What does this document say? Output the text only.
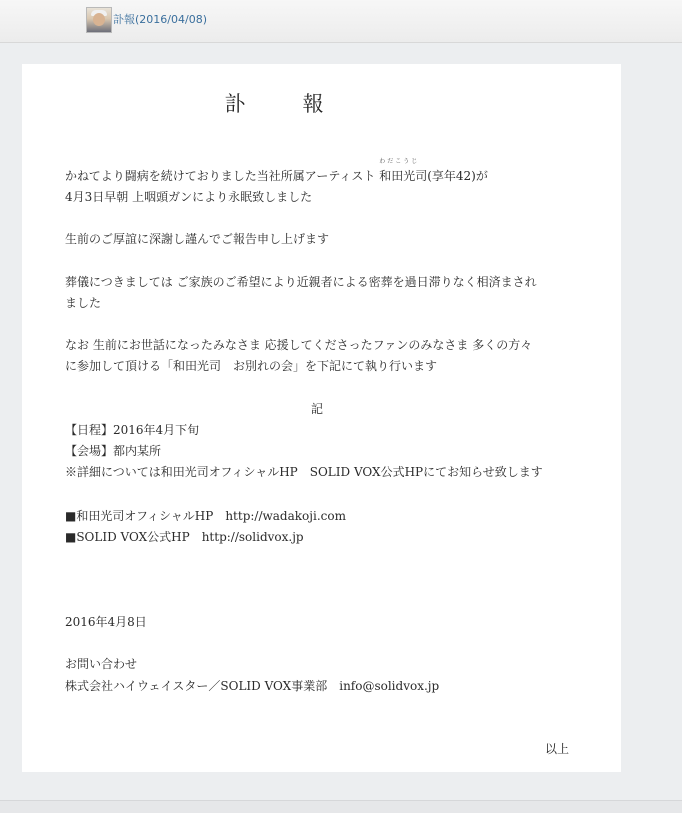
訃報(2016/04/08)
訃　報
かねてより闘病を続けておりました当社所属アーティスト
わだこうじ
和田光司(享年42)が
4月3日早朝 上咽頭ガンにより永眠致しました
生前のご厚誼に深謝し謹んでご報告申し上げます
葬儀につきましては ご家族のご希望により近親者による密葬を過日滞りなく相済まされ
ました
なお 生前にお世話になったみなさま 応援してくださったファンのみなさま 多くの方々
に参加して頂ける「和田光司　お別れの会」を下記にて執り行います
記
【日程】2016年4月下旬
【会場】都内某所
※詳細については和田光司オフィシャルHP　SOLID VOX公式HPにてお知らせ致します
■和田光司オフィシャルHP　http://wadakoji.com
■SOLID VOX公式HP　http://solidvox.jp
2016年4月8日
お問い合わせ
株式会社ハイウェイスター／SOLID VOX事業部　info@solidvox.jp
以上
